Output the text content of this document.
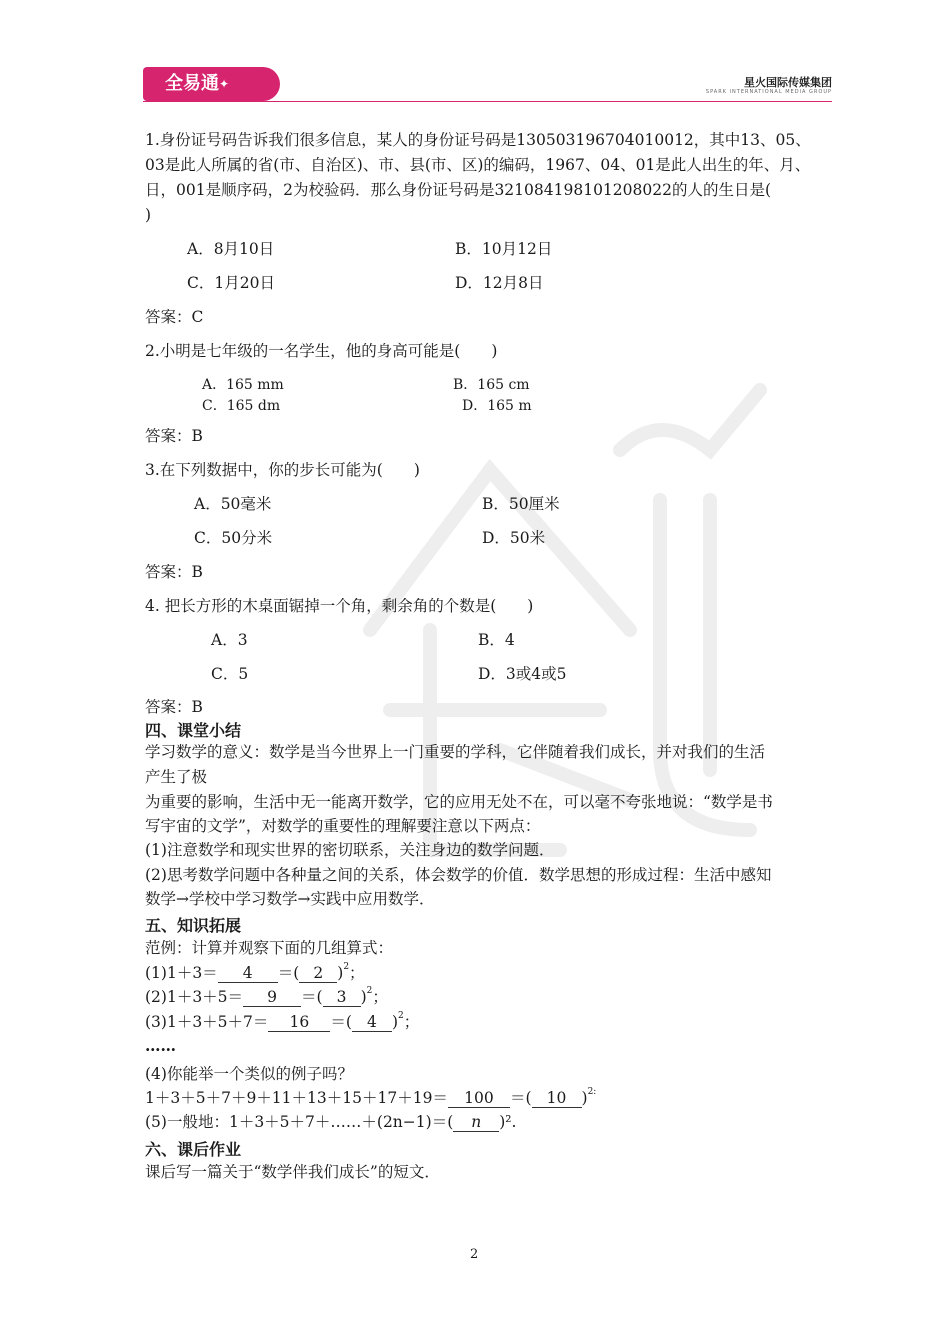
全易通✦	星火国际传媒集团
SPARK INTERNATIONAL MEDIA GROUP
1.身份证号码告诉我们很多信息，某人的身份证号码是130503196704010012，其中13、05、
03是此人所属的省(市、自治区)、市、县(市、区)的编码，1967、04、01是此人出生的年、月、
日，001是顺序码，2为校验码．那么身份证号码是321084198101208022的人的生日是(
)
A．8月10日	B．10月12日
C．1月20日	D．12月8日
答案：C
2.小明是七年级的一名学生，他的身高可能是(　　)
A．165 mm	B．165 cm
C．165 dm	D．165 m
答案：B
3.在下列数据中，你的步长可能为(　　)
A．50毫米	B．50厘米
C．50分米	D．50米
答案：B
4. 把长方形的木桌面锯掉一个角，剩余角的个数是(　　)
A．3	B．4
C．5	D．3或4或5
答案：B
四、课堂小结
学习数学的意义：数学是当今世界上一门重要的学科，它伴随着我们成长，并对我们的生活
产生了极
为重要的影响，生活中无一能离开数学，它的应用无处不在，可以毫不夸张地说：“数学是书
写宇宙的文学”，对数学的重要性的理解要注意以下两点：
(1)注意数学和现实世界的密切联系，关注身边的数学问题．
(2)思考数学问题中各种量之间的关系，体会数学的价值．数学思想的形成过程：生活中感知
数学→学校中学习数学→实践中应用数学．
五、知识拓展
范例：计算并观察下面的几组算式：
(1)1＋3＝ 4 ＝( 2 )$^2$；
(2)1＋3＋5＝ 9 ＝( 3 )$^2$；
(3)1＋3＋5＋7＝ 16 ＝( 4 )$^2$；
……
(4)你能举一个类似的例子吗？
1＋3＋5＋7＋9＋11＋13＋15＋17＋19＝ 100 ＝( 10 )$^{2:}$
(5)一般地：1＋3＋5＋7＋……＋(2n−1)＝( n )².
六、课后作业
课后写一篇关于“数学伴我们成长”的短文．
2
